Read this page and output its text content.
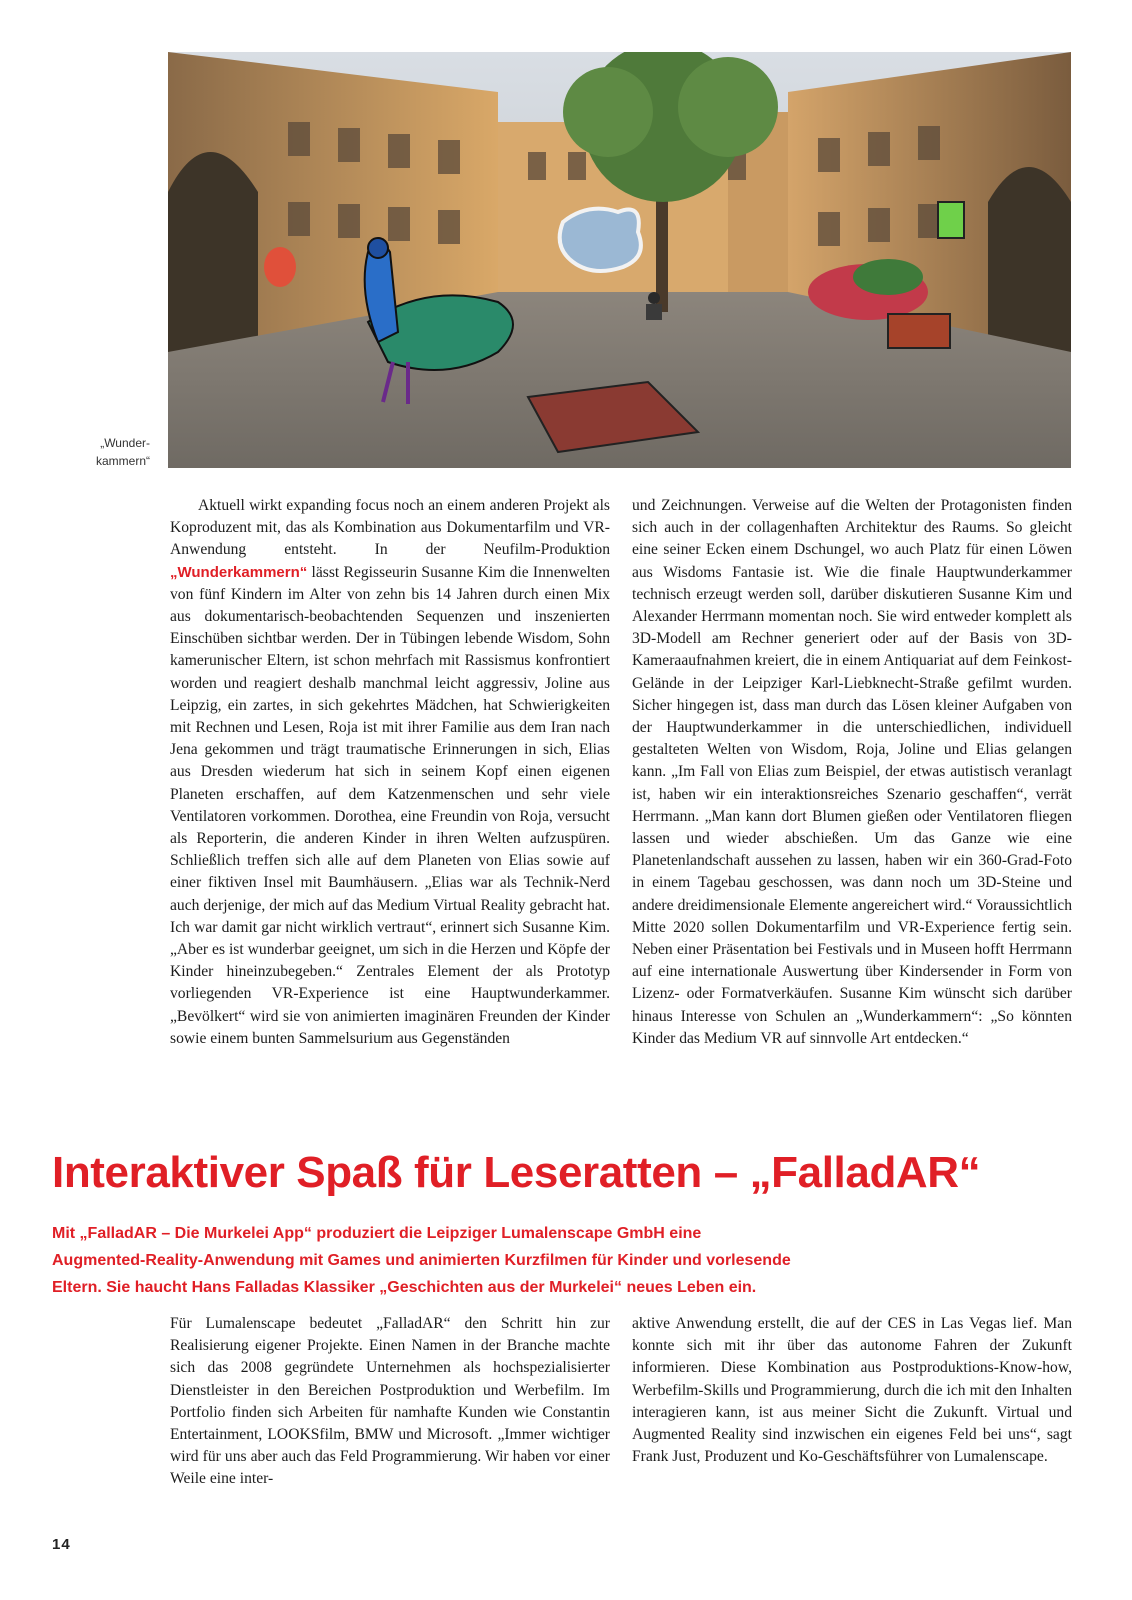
„Wunder-kammern“

Aktuell wirkt expanding focus noch an einem anderen Projekt als Koproduzent mit, das als Kombination aus Dokumentarfilm und VR-Anwendung entsteht. In der Neufilm-Produktion „Wunderkammern“ lässt Regisseurin Susanne Kim die Innenwelten von fünf Kindern im Alter von zehn bis 14 Jahren durch einen Mix aus dokumentarisch-beobachtenden Sequenzen und inszenierten Einschüben sichtbar werden. Der in Tübingen lebende Wisdom, Sohn kamerunischer Eltern, ist schon mehrfach mit Rassismus konfrontiert worden und reagiert deshalb manchmal leicht aggressiv, Joline aus Leipzig, ein zartes, in sich gekehrtes Mädchen, hat Schwierigkeiten mit Rechnen und Lesen, Roja ist mit ihrer Familie aus dem Iran nach Jena gekommen und trägt traumatische Erinnerungen in sich, Elias aus Dresden wiederum hat sich in seinem Kopf einen eigenen Planeten erschaffen, auf dem Katzenmenschen und sehr viele Ventilatoren vorkommen. Dorothea, eine Freundin von Roja, versucht als Reporterin, die anderen Kinder in ihren Welten aufzuspüren. Schließlich treffen sich alle auf dem Planeten von Elias sowie auf einer fiktiven Insel mit Baumhäusern. „Elias war als Technik-Nerd auch derjenige, der mich auf das Medium Virtual Reality gebracht hat. Ich war damit gar nicht wirklich vertraut“, erinnert sich Susanne Kim. „Aber es ist wunderbar geeignet, um sich in die Herzen und Köpfe der Kinder hineinzubegeben.“ Zentrales Element der als Prototyp vorliegenden VR-Experience ist eine Hauptwunderkammer. „Bevölkert“ wird sie von animierten imaginären Freunden der Kinder sowie einem bunten Sammelsurium aus Gegenständen

und Zeichnungen. Verweise auf die Welten der Protagonisten finden sich auch in der collagenhaften Architektur des Raums. So gleicht eine seiner Ecken einem Dschungel, wo auch Platz für einen Löwen aus Wisdoms Fantasie ist. Wie die finale Hauptwunderkammer technisch erzeugt werden soll, darüber diskutieren Susanne Kim und Alexander Herrmann momentan noch. Sie wird entweder komplett als 3D-Modell am Rechner generiert oder auf der Basis von 3D-Kameraaufnahmen kreiert, die in einem Antiquariat auf dem Feinkost-Gelände in der Leipziger Karl-Liebknecht-Straße gefilmt wurden. Sicher hingegen ist, dass man durch das Lösen kleiner Aufgaben von der Hauptwunderkammer in die unterschiedlichen, individuell gestalteten Welten von Wisdom, Roja, Joline und Elias gelangen kann. „Im Fall von Elias zum Beispiel, der etwas autistisch veranlagt ist, haben wir ein interaktionsreiches Szenario geschaffen“, verrät Herrmann. „Man kann dort Blumen gießen oder Ventilatoren fliegen lassen und wieder abschießen. Um das Ganze wie eine Planetenlandschaft aussehen zu lassen, haben wir ein 360-Grad-Foto in einem Tagebau geschossen, was dann noch um 3D-Steine und andere dreidimensionale Elemente angereichert wird.“ Voraussichtlich Mitte 2020 sollen Dokumentarfilm und VR-Experience fertig sein. Neben einer Präsentation bei Festivals und in Museen hofft Herrmann auf eine internationale Auswertung über Kindersender in Form von Lizenz- oder Formatverkäufen. Susanne Kim wünscht sich darüber hinaus Interesse von Schulen an „Wunderkammern“: „So könnten Kinder das Medium VR auf sinnvolle Art entdecken.“

Interaktiver Spaß für Leseratten – „FalladAR“
Mit „FalladAR – Die Murkelei App“ produziert die Leipziger Lumalenscape GmbH eine
Augmented-Reality-Anwendung mit Games und animierten Kurzfilmen für Kinder und vorlesende
Eltern. Sie haucht Hans Falladas Klassiker „Geschichten aus der Murkelei“ neues Leben ein.

Für Lumalenscape bedeutet „FalladAR“ den Schritt hin zur Realisierung eigener Projekte. Einen Namen in der Branche machte sich das 2008 gegründete Unternehmen als hochspezialisierter Dienstleister in den Bereichen Postproduktion und Werbefilm. Im Portfolio finden sich Arbeiten für namhafte Kunden wie Constantin Entertainment, LOOKSfilm, BMW und Microsoft. „Immer wichtiger wird für uns aber auch das Feld Programmierung. Wir haben vor einer Weile eine inter-

aktive Anwendung erstellt, die auf der CES in Las Vegas lief. Man konnte sich mit ihr über das autonome Fahren der Zukunft informieren. Diese Kombination aus Postproduktions-Know-how, Werbefilm-Skills und Programmierung, durch die ich mit den Inhalten interagieren kann, ist aus meiner Sicht die Zukunft. Virtual und Augmented Reality sind inzwischen ein eigenes Feld bei uns“, sagt Frank Just, Produzent und Ko-Geschäftsführer von Lumalenscape.

14
